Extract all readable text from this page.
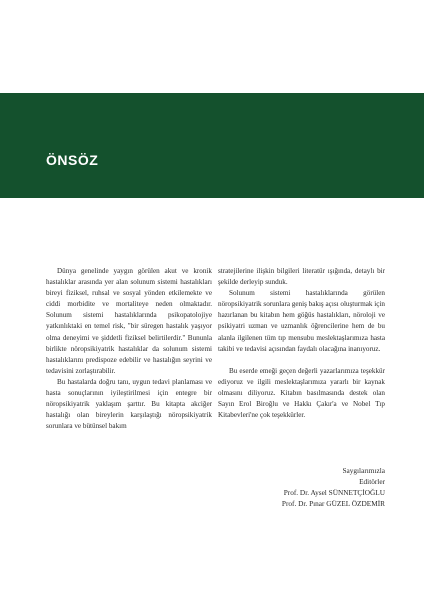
ÖNSÖZ

Dünya genelinde yaygın görülen akut ve kronik hastalıklar arasında yer alan solunum sistemi hastalıkları bireyi fiziksel, ruhsal ve sosyal yönden etkilemekte ve ciddi morbidite ve mortaliteye neden olmaktadır. Solunum sistemi hastalıklarında psikopatolojiye yatkınlıktaki en temel risk, "bir süregen hastalık yaşıyor olma deneyimi ve şiddetli fiziksel belirtilerdir." Bununla birlikte nöropsikiyatrik hastalıklar da solunum sistemi hastalıklarını predispoze edebilir ve hastalığın seyrini ve tedavisini zorlaştırabilir.

Bu hastalarda doğru tanı, uygun tedavi planlaması ve hasta sonuçlarının iyileştirilmesi için entegre bir nöropsikiyatrik yaklaşım şarttır. Bu kitapta akciğer hastalığı olan bireylerin karşılaştığı nöropsikiyatrik sorunlara ve bütünsel bakım

stratejilerine ilişkin bilgileri literatür ışığında, detaylı bir şekilde derleyip sunduk.

Solunum sistemi hastalıklarında görülen nöropsikiyatrik sorunlara geniş bakış açısı oluşturmak için hazırlanan bu kitabın hem göğüs hastalıkları, nöroloji ve psikiyatri uzman ve uzmanlık öğrencilerine hem de bu alanla ilgilenen tüm tıp mensubu meslektaşlarımıza hasta takibi ve tedavisi açısından faydalı olacağına inanıyoruz.

Bu eserde emeği geçen değerli yazarlarımıza teşekkür ediyoruz ve ilgili meslektaşlarımıza yararlı bir kaynak olmasını diliyoruz. Kitabın basılmasında destek olan Sayın Erol Biroğlu ve Hakkı Çakır'a ve Nobel Tıp Kitabevleri'ne çok teşekkürler.

Saygılarımızla
Editörler
Prof. Dr. Aysel SÜNNETÇİOĞLU
Prof. Dr. Pınar GÜZEL ÖZDEMİR
